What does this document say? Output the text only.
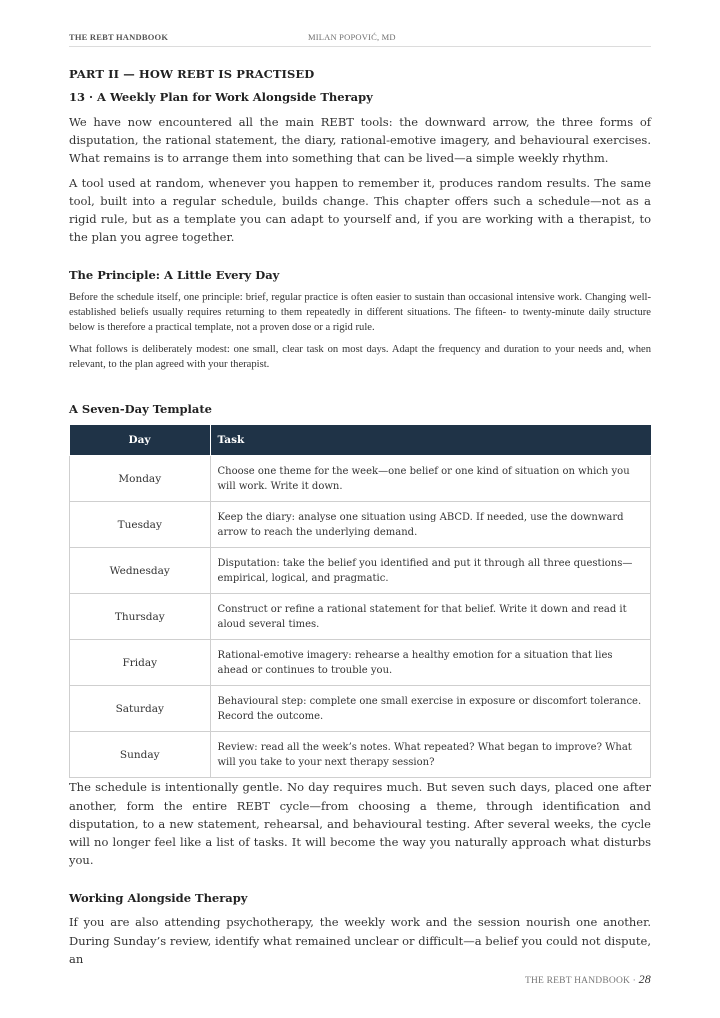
THE REBT HANDBOOK	MILAN POPOVIĆ, MD
PART II — HOW REBT IS PRACTISED
13 · A Weekly Plan for Work Alongside Therapy

We have now encountered all the main REBT tools: the downward arrow, the three forms of disputation, the rational statement, the diary, rational-emotive imagery, and behavioural exercises. What remains is to arrange them into something that can be lived—a simple weekly rhythm.

A tool used at random, whenever you happen to remember it, produces random results. The same tool, built into a regular schedule, builds change. This chapter offers such a schedule—not as a rigid rule, but as a template you can adapt to yourself and, if you are working with a therapist, to the plan you agree together.

The Principle: A Little Every Day

Before the schedule itself, one principle: brief, regular practice is often easier to sustain than occasional intensive work. Changing well-established beliefs usually requires returning to them repeatedly in different situations. The fifteen- to twenty-minute daily structure below is therefore a practical template, not a proven dose or a rigid rule.

What follows is deliberately modest: one small, clear task on most days. Adapt the frequency and duration to your needs and, when relevant, to the plan agreed with your therapist.

A Seven-Day Template
Day	Task
Monday	Choose one theme for the week—one belief or one kind of situation on which you will work. Write it down.
Tuesday	Keep the diary: analyse one situation using ABCD. If needed, use the downward arrow to reach the underlying demand.
Wednesday	Disputation: take the belief you identified and put it through all three questions—empirical, logical, and pragmatic.
Thursday	Construct or refine a rational statement for that belief. Write it down and read it aloud several times.
Friday	Rational-emotive imagery: rehearse a healthy emotion for a situation that lies ahead or continues to trouble you.
Saturday	Behavioural step: complete one small exercise in exposure or discomfort tolerance. Record the outcome.
Sunday	Review: read all the week’s notes. What repeated? What began to improve? What will you take to your next therapy session?

The schedule is intentionally gentle. No day requires much. But seven such days, placed one after another, form the entire REBT cycle—from choosing a theme, through identification and disputation, to a new statement, rehearsal, and behavioural testing. After several weeks, the cycle will no longer feel like a list of tasks. It will become the way you naturally approach what disturbs you.

Working Alongside Therapy

If you are also attending psychotherapy, the weekly work and the session nourish one another. During Sunday’s review, identify what remained unclear or difficult—a belief you could not dispute, an

THE REBT HANDBOOK · 28
